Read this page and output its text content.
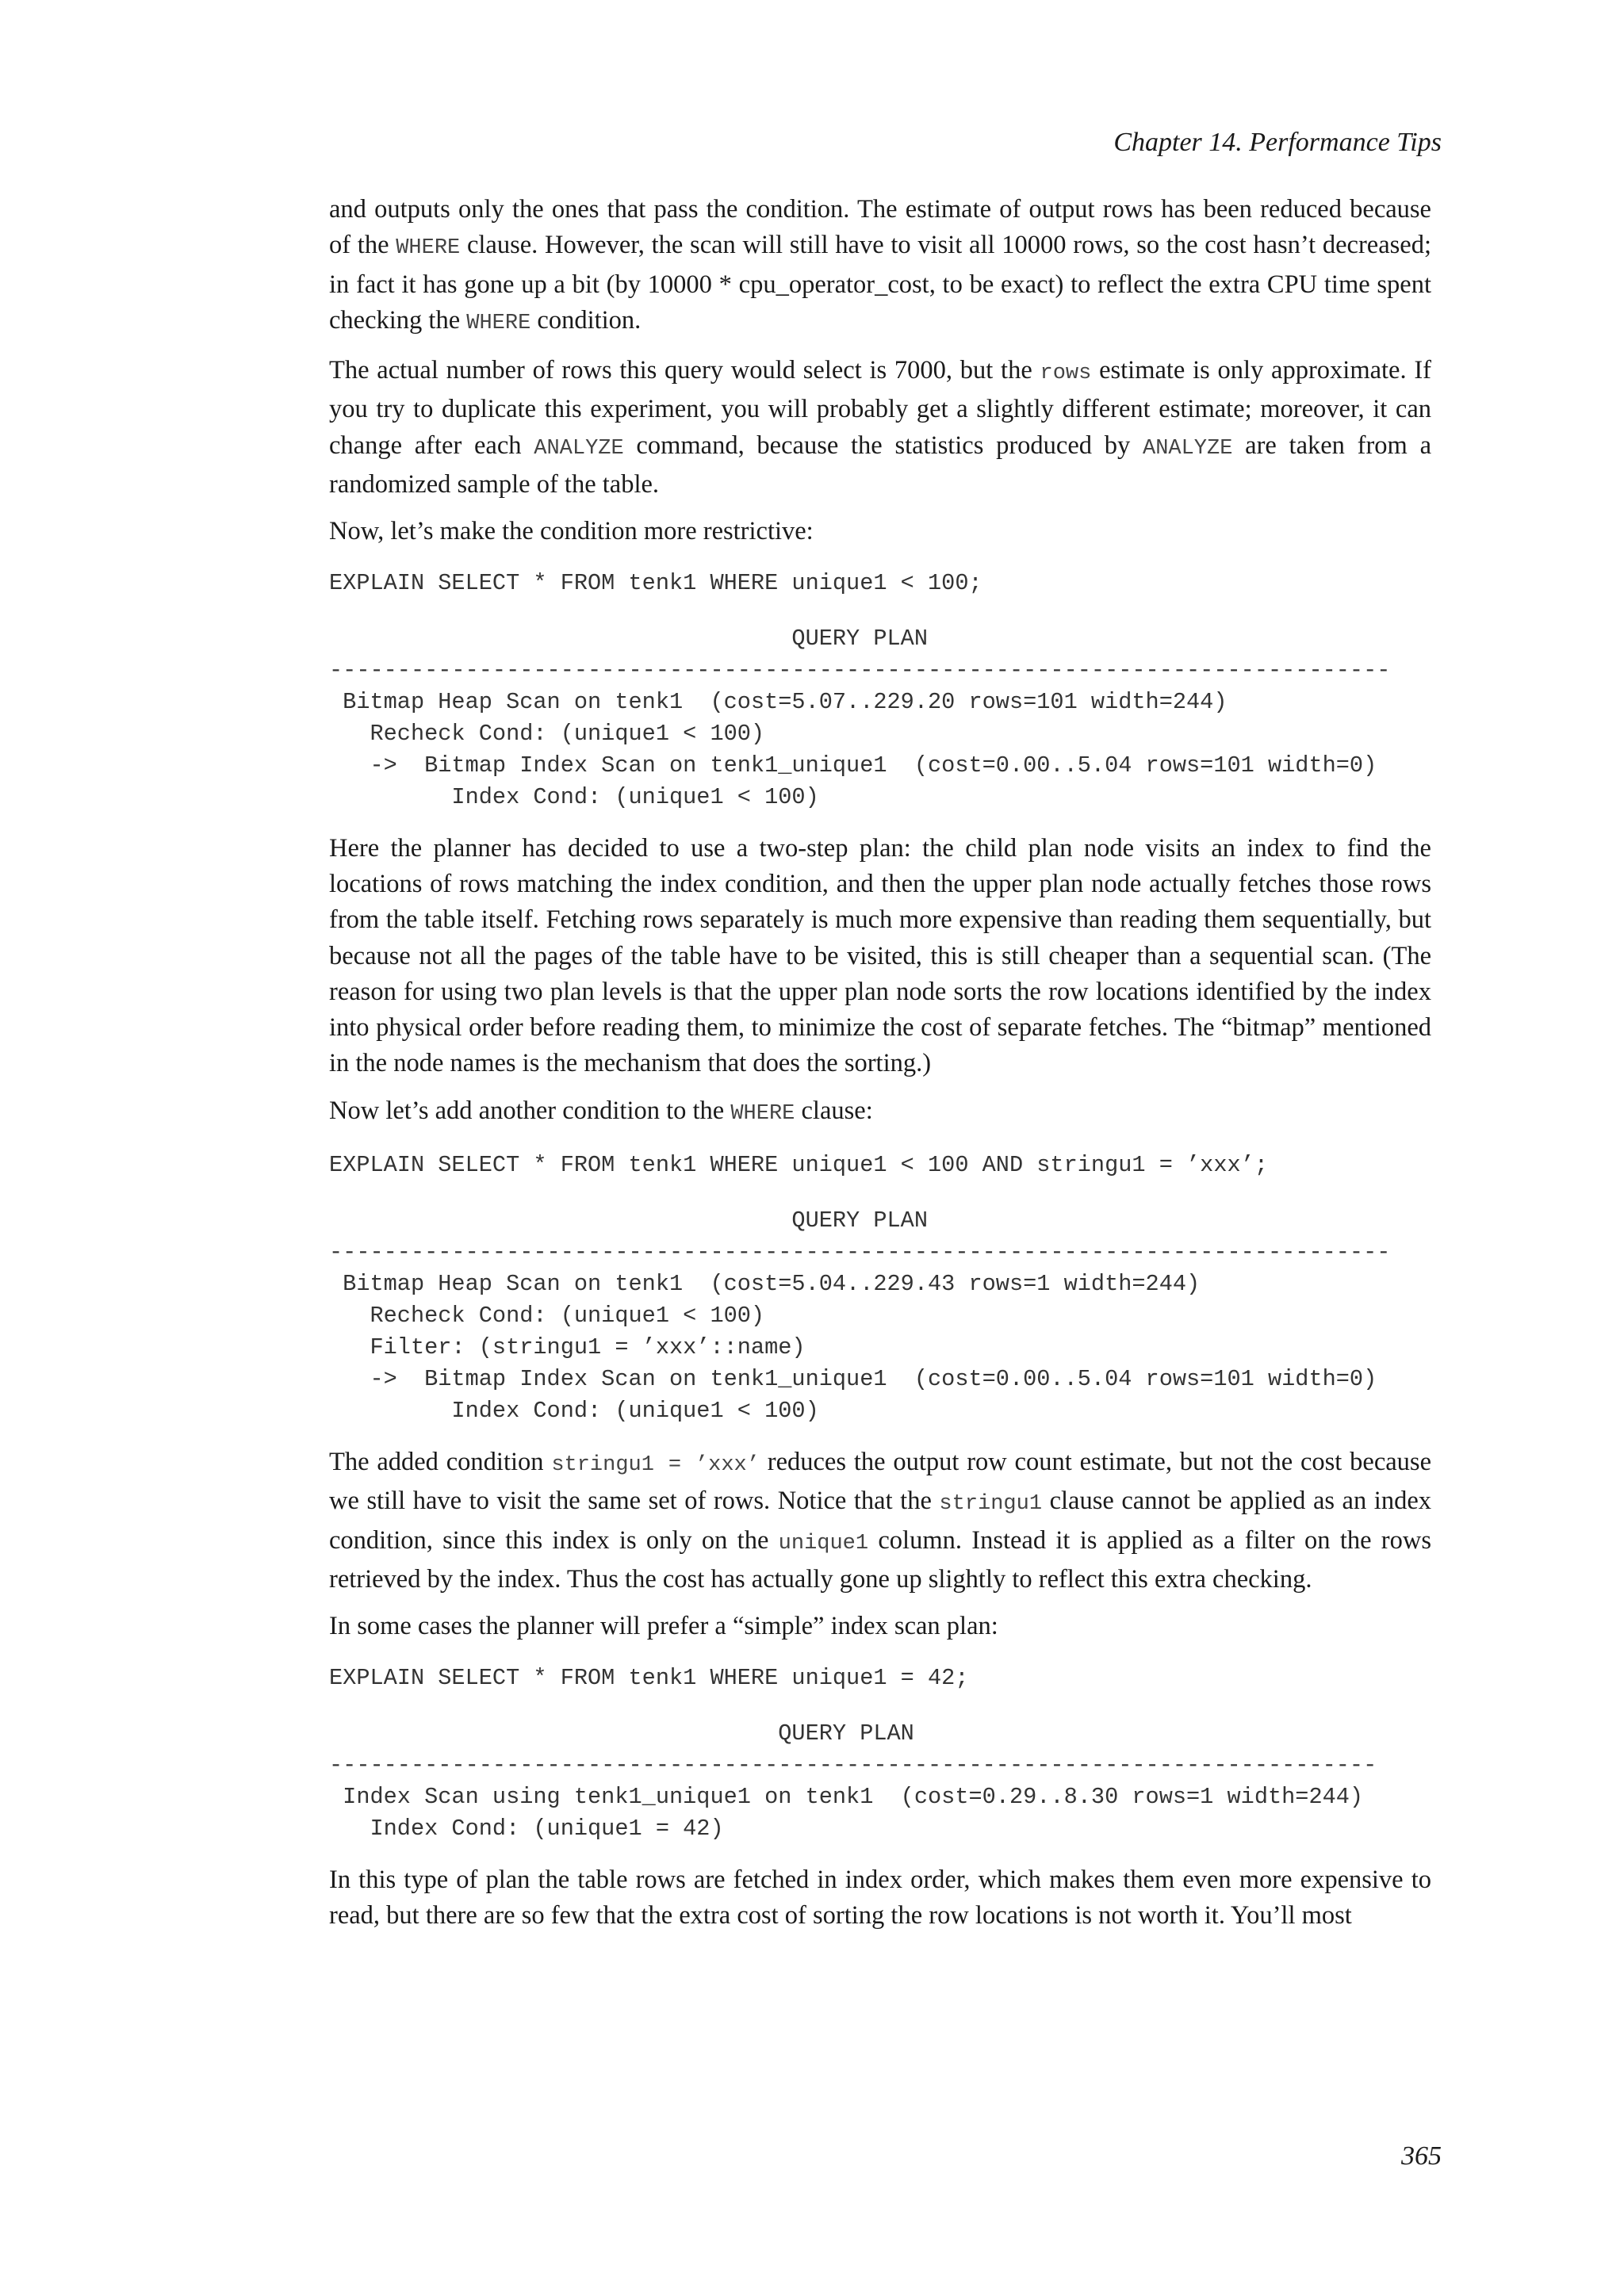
Chapter 14. Performance Tips

and outputs only the ones that pass the condition. The estimate of output rows has been reduced because of the WHERE clause. However, the scan will still have to visit all 10000 rows, so the cost hasn’t decreased; in fact it has gone up a bit (by 10000 * cpu_operator_cost, to be exact) to reflect the extra CPU time spent checking the WHERE condition.

The actual number of rows this query would select is 7000, but the rows estimate is only approximate. If you try to duplicate this experiment, you will probably get a slightly different estimate; moreover, it can change after each ANALYZE command, because the statistics produced by ANALYZE are taken from a randomized sample of the table.

Now, let’s make the condition more restrictive:

EXPLAIN SELECT * FROM tenk1 WHERE unique1 < 100;
QUERY PLAN
------------------------------------------------------------------------------
Bitmap Heap Scan on tenk1  (cost=5.07..229.20 rows=101 width=244)
Recheck Cond: (unique1 < 100)
->  Bitmap Index Scan on tenk1_unique1  (cost=0.00..5.04 rows=101 width=0)
Index Cond: (unique1 < 100)

Here the planner has decided to use a two-step plan: the child plan node visits an index to find the locations of rows matching the index condition, and then the upper plan node actually fetches those rows from the table itself. Fetching rows separately is much more expensive than reading them sequentially, but because not all the pages of the table have to be visited, this is still cheaper than a sequential scan. (The reason for using two plan levels is that the upper plan node sorts the row locations identified by the index into physical order before reading them, to minimize the cost of separate fetches. The “bitmap” mentioned in the node names is the mechanism that does the sorting.)

Now let’s add another condition to the WHERE clause:

EXPLAIN SELECT * FROM tenk1 WHERE unique1 < 100 AND stringu1 = ’xxx’;
QUERY PLAN
------------------------------------------------------------------------------
Bitmap Heap Scan on tenk1  (cost=5.04..229.43 rows=1 width=244)
Recheck Cond: (unique1 < 100)
Filter: (stringu1 = ’xxx’::name)
->  Bitmap Index Scan on tenk1_unique1  (cost=0.00..5.04 rows=101 width=0)
Index Cond: (unique1 < 100)

The added condition stringu1 = ’xxx’ reduces the output row count estimate, but not the cost because we still have to visit the same set of rows. Notice that the stringu1 clause cannot be applied as an index condition, since this index is only on the unique1 column. Instead it is applied as a filter on the rows retrieved by the index. Thus the cost has actually gone up slightly to reflect this extra checking.

In some cases the planner will prefer a “simple” index scan plan:

EXPLAIN SELECT * FROM tenk1 WHERE unique1 = 42;
QUERY PLAN
-----------------------------------------------------------------------------
Index Scan using tenk1_unique1 on tenk1  (cost=0.29..8.30 rows=1 width=244)
Index Cond: (unique1 = 42)

In this type of plan the table rows are fetched in index order, which makes them even more expensive to read, but there are so few that the extra cost of sorting the row locations is not worth it. You’ll most

365
